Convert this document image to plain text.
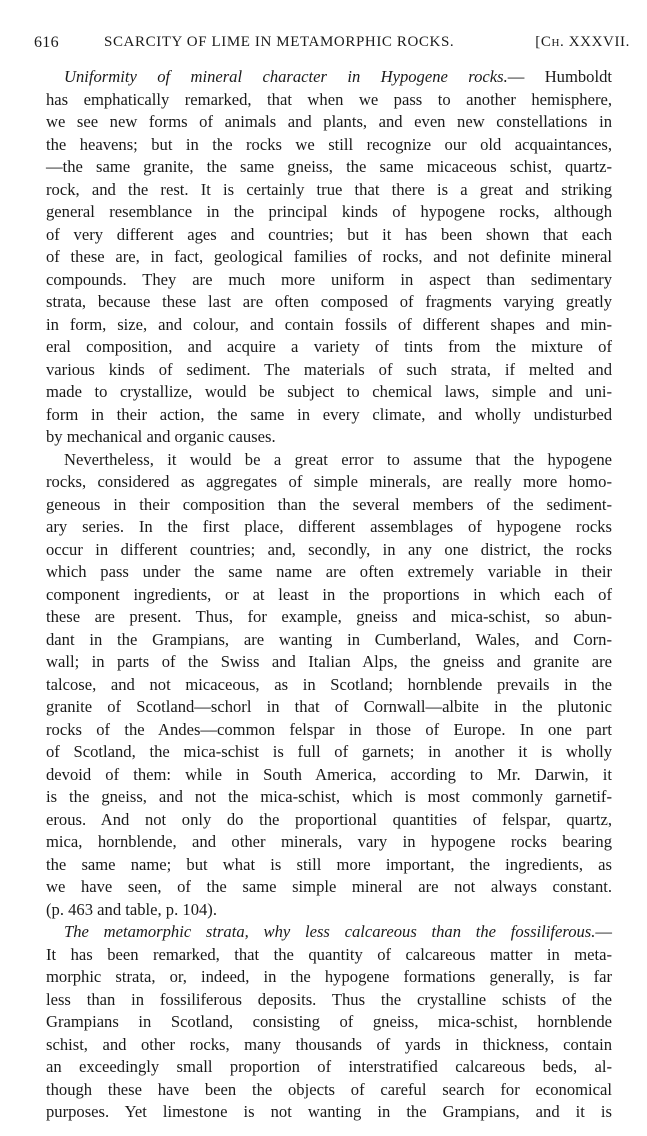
616	SCARCITY OF LIME IN METAMORPHIC ROCKS.	[Ch. XXXVII.
Uniformity of mineral character in Hypogene rocks.— Humboldt
has emphatically remarked, that when we pass to another hemisphere,
we see new forms of animals and plants, and even new constellations in
the heavens; but in the rocks we still recognize our old acquaintances,
—the same granite, the same gneiss, the same micaceous schist, quartz-
rock, and the rest. It is certainly true that there is a great and striking
general resemblance in the principal kinds of hypogene rocks, although
of very different ages and countries; but it has been shown that each
of these are, in fact, geological families of rocks, and not definite mineral
compounds. They are much more uniform in aspect than sedimentary
strata, because these last are often composed of fragments varying greatly
in form, size, and colour, and contain fossils of different shapes and min-
eral composition, and acquire a variety of tints from the mixture of
various kinds of sediment. The materials of such strata, if melted and
made to crystallize, would be subject to chemical laws, simple and uni-
form in their action, the same in every climate, and wholly undisturbed
by mechanical and organic causes.
Nevertheless, it would be a great error to assume that the hypogene
rocks, considered as aggregates of simple minerals, are really more homo-
geneous in their composition than the several members of the sediment-
ary series. In the first place, different assemblages of hypogene rocks
occur in different countries; and, secondly, in any one district, the rocks
which pass under the same name are often extremely variable in their
component ingredients, or at least in the proportions in which each of
these are present. Thus, for example, gneiss and mica-schist, so abun-
dant in the Grampians, are wanting in Cumberland, Wales, and Corn-
wall; in parts of the Swiss and Italian Alps, the gneiss and granite are
talcose, and not micaceous, as in Scotland; hornblende prevails in the
granite of Scotland—schorl in that of Cornwall—albite in the plutonic
rocks of the Andes—common felspar in those of Europe. In one part
of Scotland, the mica-schist is full of garnets; in another it is wholly
devoid of them: while in South America, according to Mr. Darwin, it
is the gneiss, and not the mica-schist, which is most commonly garnetif-
erous. And not only do the proportional quantities of felspar, quartz,
mica, hornblende, and other minerals, vary in hypogene rocks bearing
the same name; but what is still more important, the ingredients, as
we have seen, of the same simple mineral are not always constant.
(p. 463 and table, p. 104).
The metamorphic strata, why less calcareous than the fossiliferous.—
It has been remarked, that the quantity of calcareous matter in meta-
morphic strata, or, indeed, in the hypogene formations generally, is far
less than in fossiliferous deposits. Thus the crystalline schists of the
Grampians in Scotland, consisting of gneiss, mica-schist, hornblende
schist, and other rocks, many thousands of yards in thickness, contain
an exceedingly small proportion of interstratified calcareous beds, al-
though these have been the objects of careful search for economical
purposes. Yet limestone is not wanting in the Grampians, and it is
